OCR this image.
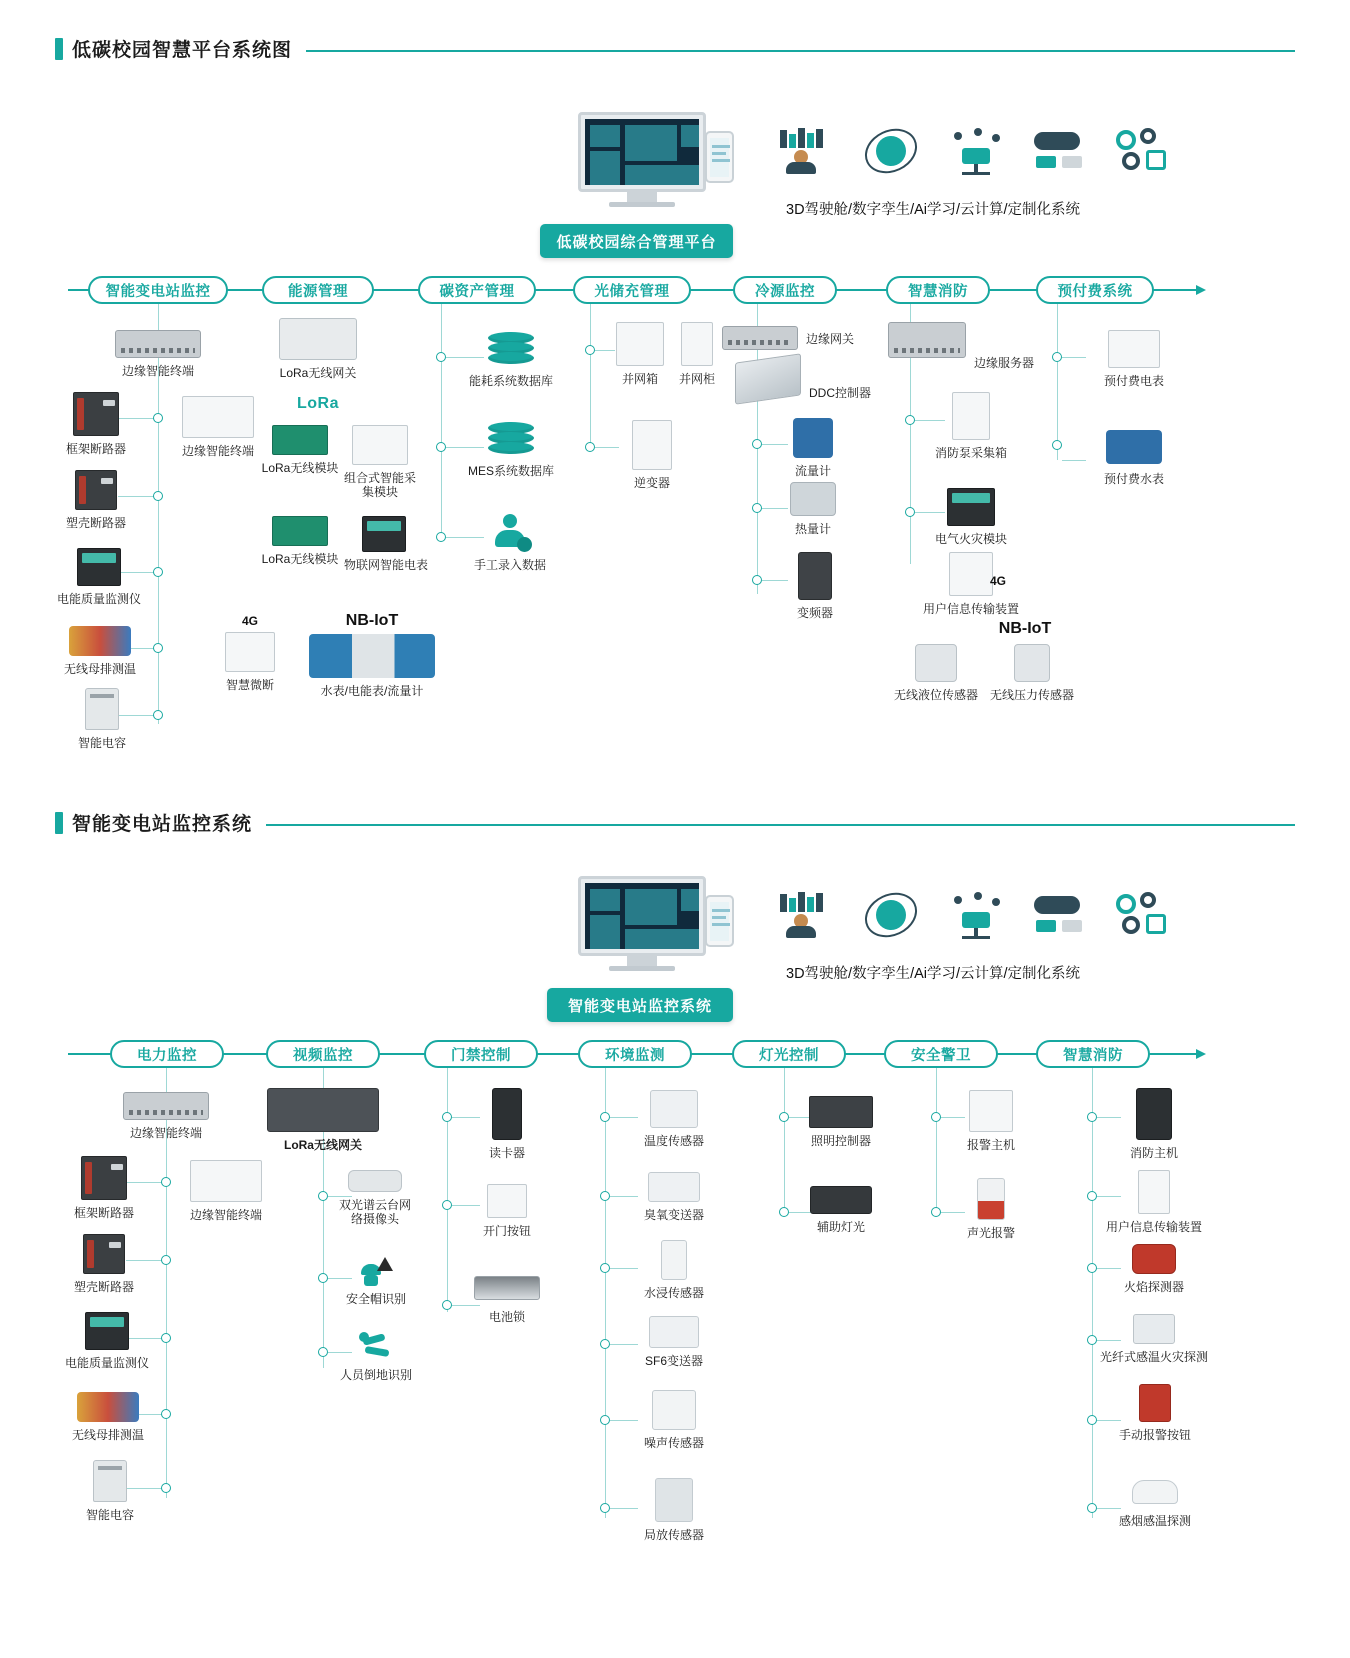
低碳校园智慧平台系统图
3D驾驶舱/数字孪生/Ai学习/云计算/定制化系统
低碳校园综合管理平台
智能变电站监控	能源管理	碳资产管理	光储充管理	冷源监控	智慧消防	预付费系统
边缘智能终端
框架断路器	边缘智能终端
塑壳断路器
电能质量监测仪
无线母排测温
智能电容
LoRa无线网关
LoRa
LoRa无线模块
组合式智能采集模块
LoRa无线模块 物联网智能电表
4G
智慧微断
NB-IoT
水表/电能表/流量计
能耗系统数据库
MES系统数据库
手工录入数据
并网箱	并网柜
逆变器
边缘网关
DDC控制器
流量计
热量计
变频器
边缘服务器
消防泵采集箱
电气火灾模块
用户信息传输装置
4G
NB-IoT
无线液位传感器 无线压力传感器
预付费电表
预付费水表
智能变电站监控系统
3D驾驶舱/数字孪生/Ai学习/云计算/定制化系统
智能变电站监控系统
电力监控	视频监控	门禁控制	环境监测	灯光控制	安全警卫	智慧消防
边缘智能终端
框架断路器	边缘智能终端
塑壳断路器
电能质量监测仪
无线母排测温
智能电容
LoRa无线网关
双光谱云台网络摄像头
安全帽识别
人员倒地识别
读卡器
开门按钮
电池锁
温度传感器
臭氧变送器
水浸传感器
SF6变送器
噪声传感器
局放传感器
照明控制器
辅助灯光
报警主机
声光报警
消防主机
用户信息传输装置
火焰探测器
光纤式感温火灾探测
手动报警按钮
感烟感温探测
